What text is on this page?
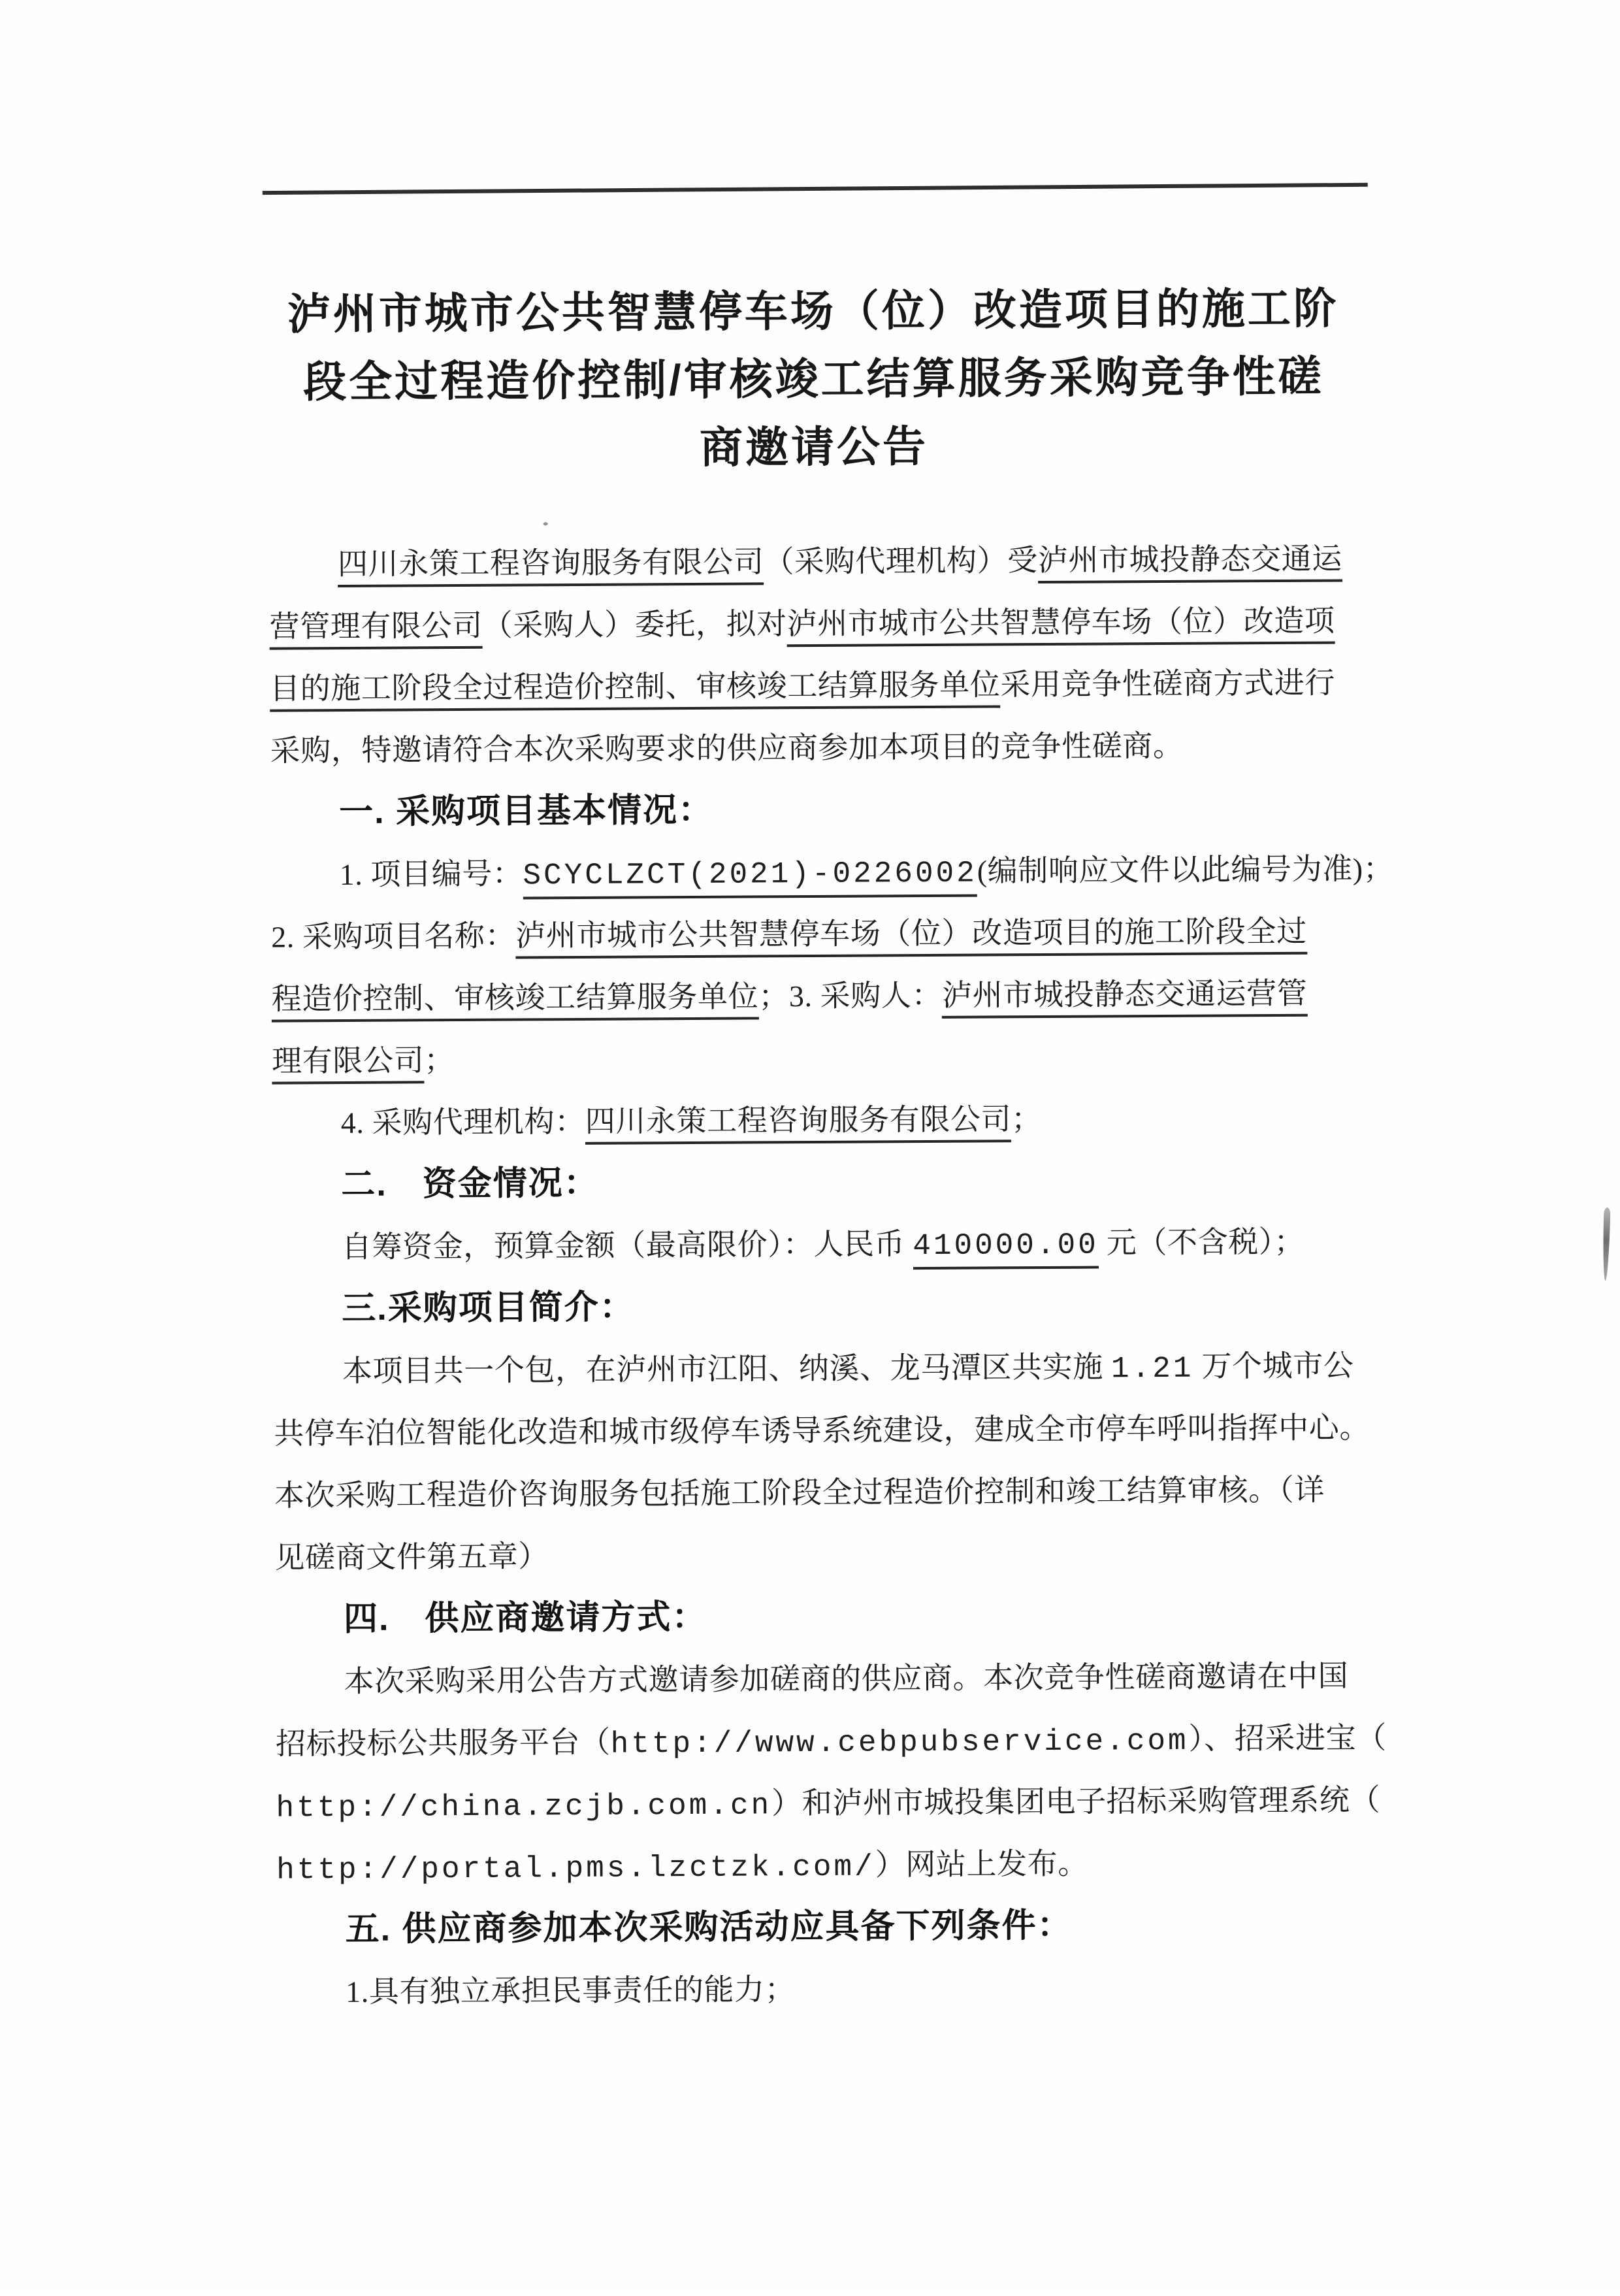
泸州市城市公共智慧停车场（位）改造项目的施工阶
段全过程造价控制/审核竣工结算服务采购竞争性磋
商邀请公告
四川永策工程咨询服务有限公司（采购代理机构）受泸州市城投静态交通运
营管理有限公司（采购人）委托，拟对泸州市城市公共智慧停车场（位）改造项
目的施工阶段全过程造价控制、审核竣工结算服务单位采用竞争性磋商方式进行
采购，特邀请符合本次采购要求的供应商参加本项目的竞争性磋商。
一. 采购项目基本情况：
1. 项目编号：SCYCLZCT(2021)-0226002(编制响应文件以此编号为准)；
2. 采购项目名称：泸州市城市公共智慧停车场（位）改造项目的施工阶段全过
程造价控制、审核竣工结算服务单位；3. 采购人：泸州市城投静态交通运营管
理有限公司；
4. 采购代理机构：四川永策工程咨询服务有限公司；
二.　资金情况：
自筹资金，预算金额（最高限价）：人民币 410000.00 元（不含税）；
三.采购项目简介：
本项目共一个包，在泸州市江阳、纳溪、龙马潭区共实施 1.21 万个城市公
共停车泊位智能化改造和城市级停车诱导系统建设，建成全市停车呼叫指挥中心。
本次采购工程造价咨询服务包括施工阶段全过程造价控制和竣工结算审核。（详
见磋商文件第五章）
四.　供应商邀请方式：
本次采购采用公告方式邀请参加磋商的供应商。本次竞争性磋商邀请在中国
招标投标公共服务平台（http://www.cebpubservice.com）、招采进宝（
http://china.zcjb.com.cn）和泸州市城投集团电子招标采购管理系统（
http://portal.pms.lzctzk.com/）网站上发布。
五. 供应商参加本次采购活动应具备下列条件：
1.具有独立承担民事责任的能力；
